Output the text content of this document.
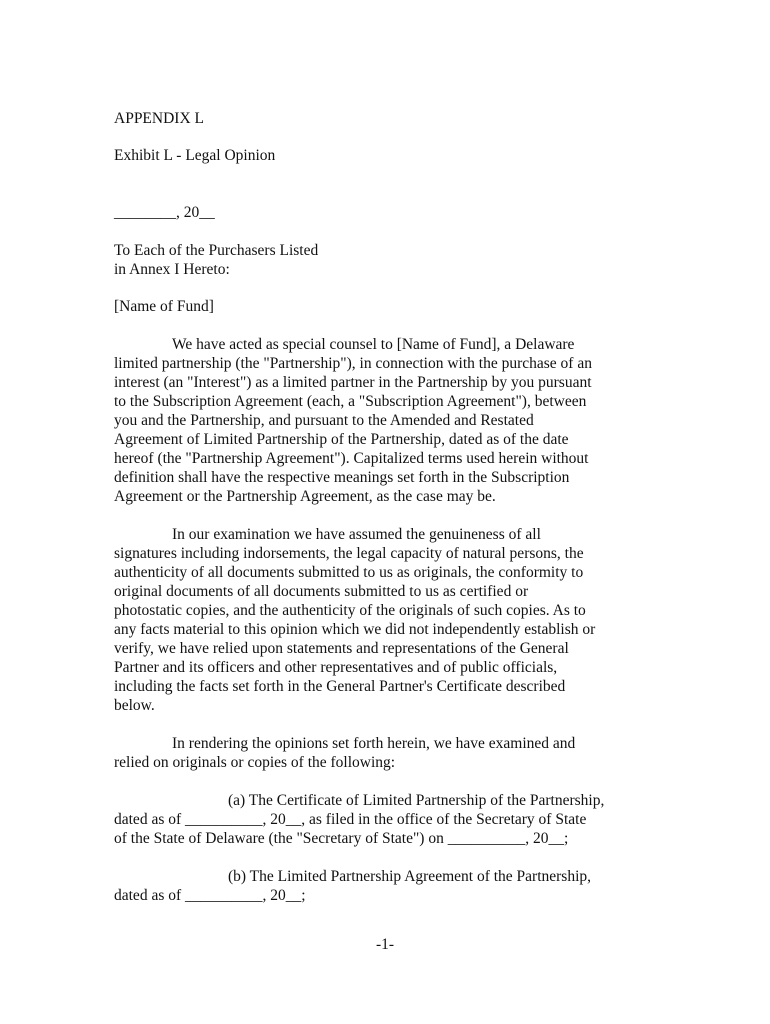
APPENDIX L
Exhibit L - Legal Opinion
________, 20__
To Each of the Purchasers Listed
in Annex I Hereto:
[Name of Fund]
We have acted as special counsel to [Name of Fund], a Delaware
limited partnership (the "Partnership"), in connection with the purchase of an
interest (an "Interest") as a limited partner in the Partnership by you pursuant
to the Subscription Agreement (each, a "Subscription Agreement"), between
you and the Partnership, and pursuant to the Amended and Restated
Agreement of Limited Partnership of the Partnership, dated as of the date
hereof (the "Partnership Agreement"). Capitalized terms used herein without
definition shall have the respective meanings set forth in the Subscription
Agreement or the Partnership Agreement, as the case may be.
In our examination we have assumed the genuineness of all
signatures including indorsements, the legal capacity of natural persons, the
authenticity of all documents submitted to us as originals, the conformity to
original documents of all documents submitted to us as certified or
photostatic copies, and the authenticity of the originals of such copies. As to
any facts material to this opinion which we did not independently establish or
verify, we have relied upon statements and representations of the General
Partner and its officers and other representatives and of public officials,
including the facts set forth in the General Partner's Certificate described
below.
In rendering the opinions set forth herein, we have examined and
relied on originals or copies of the following:
(a) The Certificate of Limited Partnership of the Partnership,
dated as of __________, 20__, as filed in the office of the Secretary of State
of the State of Delaware (the "Secretary of State") on __________, 20__;
(b) The Limited Partnership Agreement of the Partnership,
dated as of __________, 20__;
-1-
